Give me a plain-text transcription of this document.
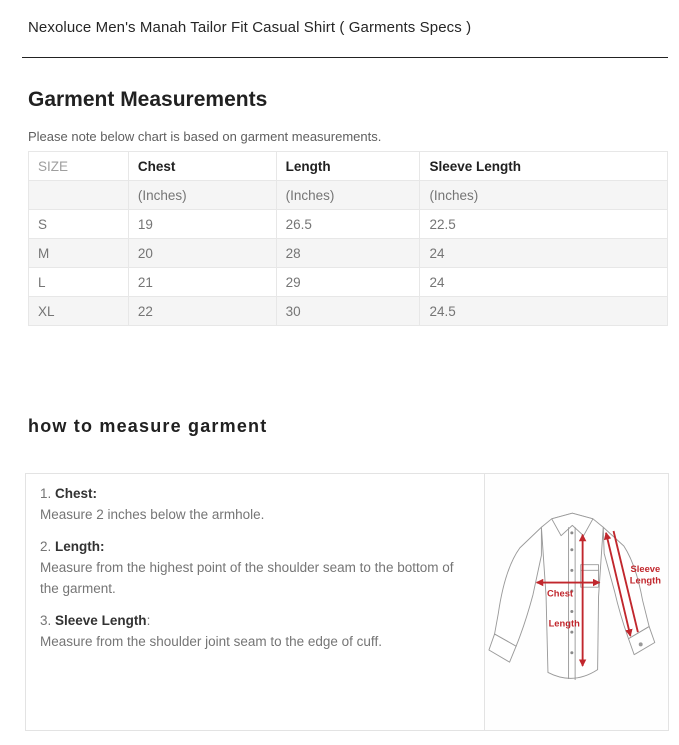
Nexoluce Men's Manah Tailor Fit Casual Shirt ( Garments Specs )
Garment Measurements

Please note below chart is based on garment measurements.

SIZE	Chest	Length	Sleeve Length
	(Inches)	(Inches)	(Inches)
S	19	26.5	22.5
M	20	28	24
L	21	29	24
XL	22	30	24.5
how to measure garment
1. Chest:
Measure 2 inches below the armhole.
2. Length:
Measure from the highest point of the shoulder seam to the bottom of the garment.
3. Sleeve Length:
Measure from the shoulder joint seam to the edge of cuff.
Chest
Length
Sleeve
Length
